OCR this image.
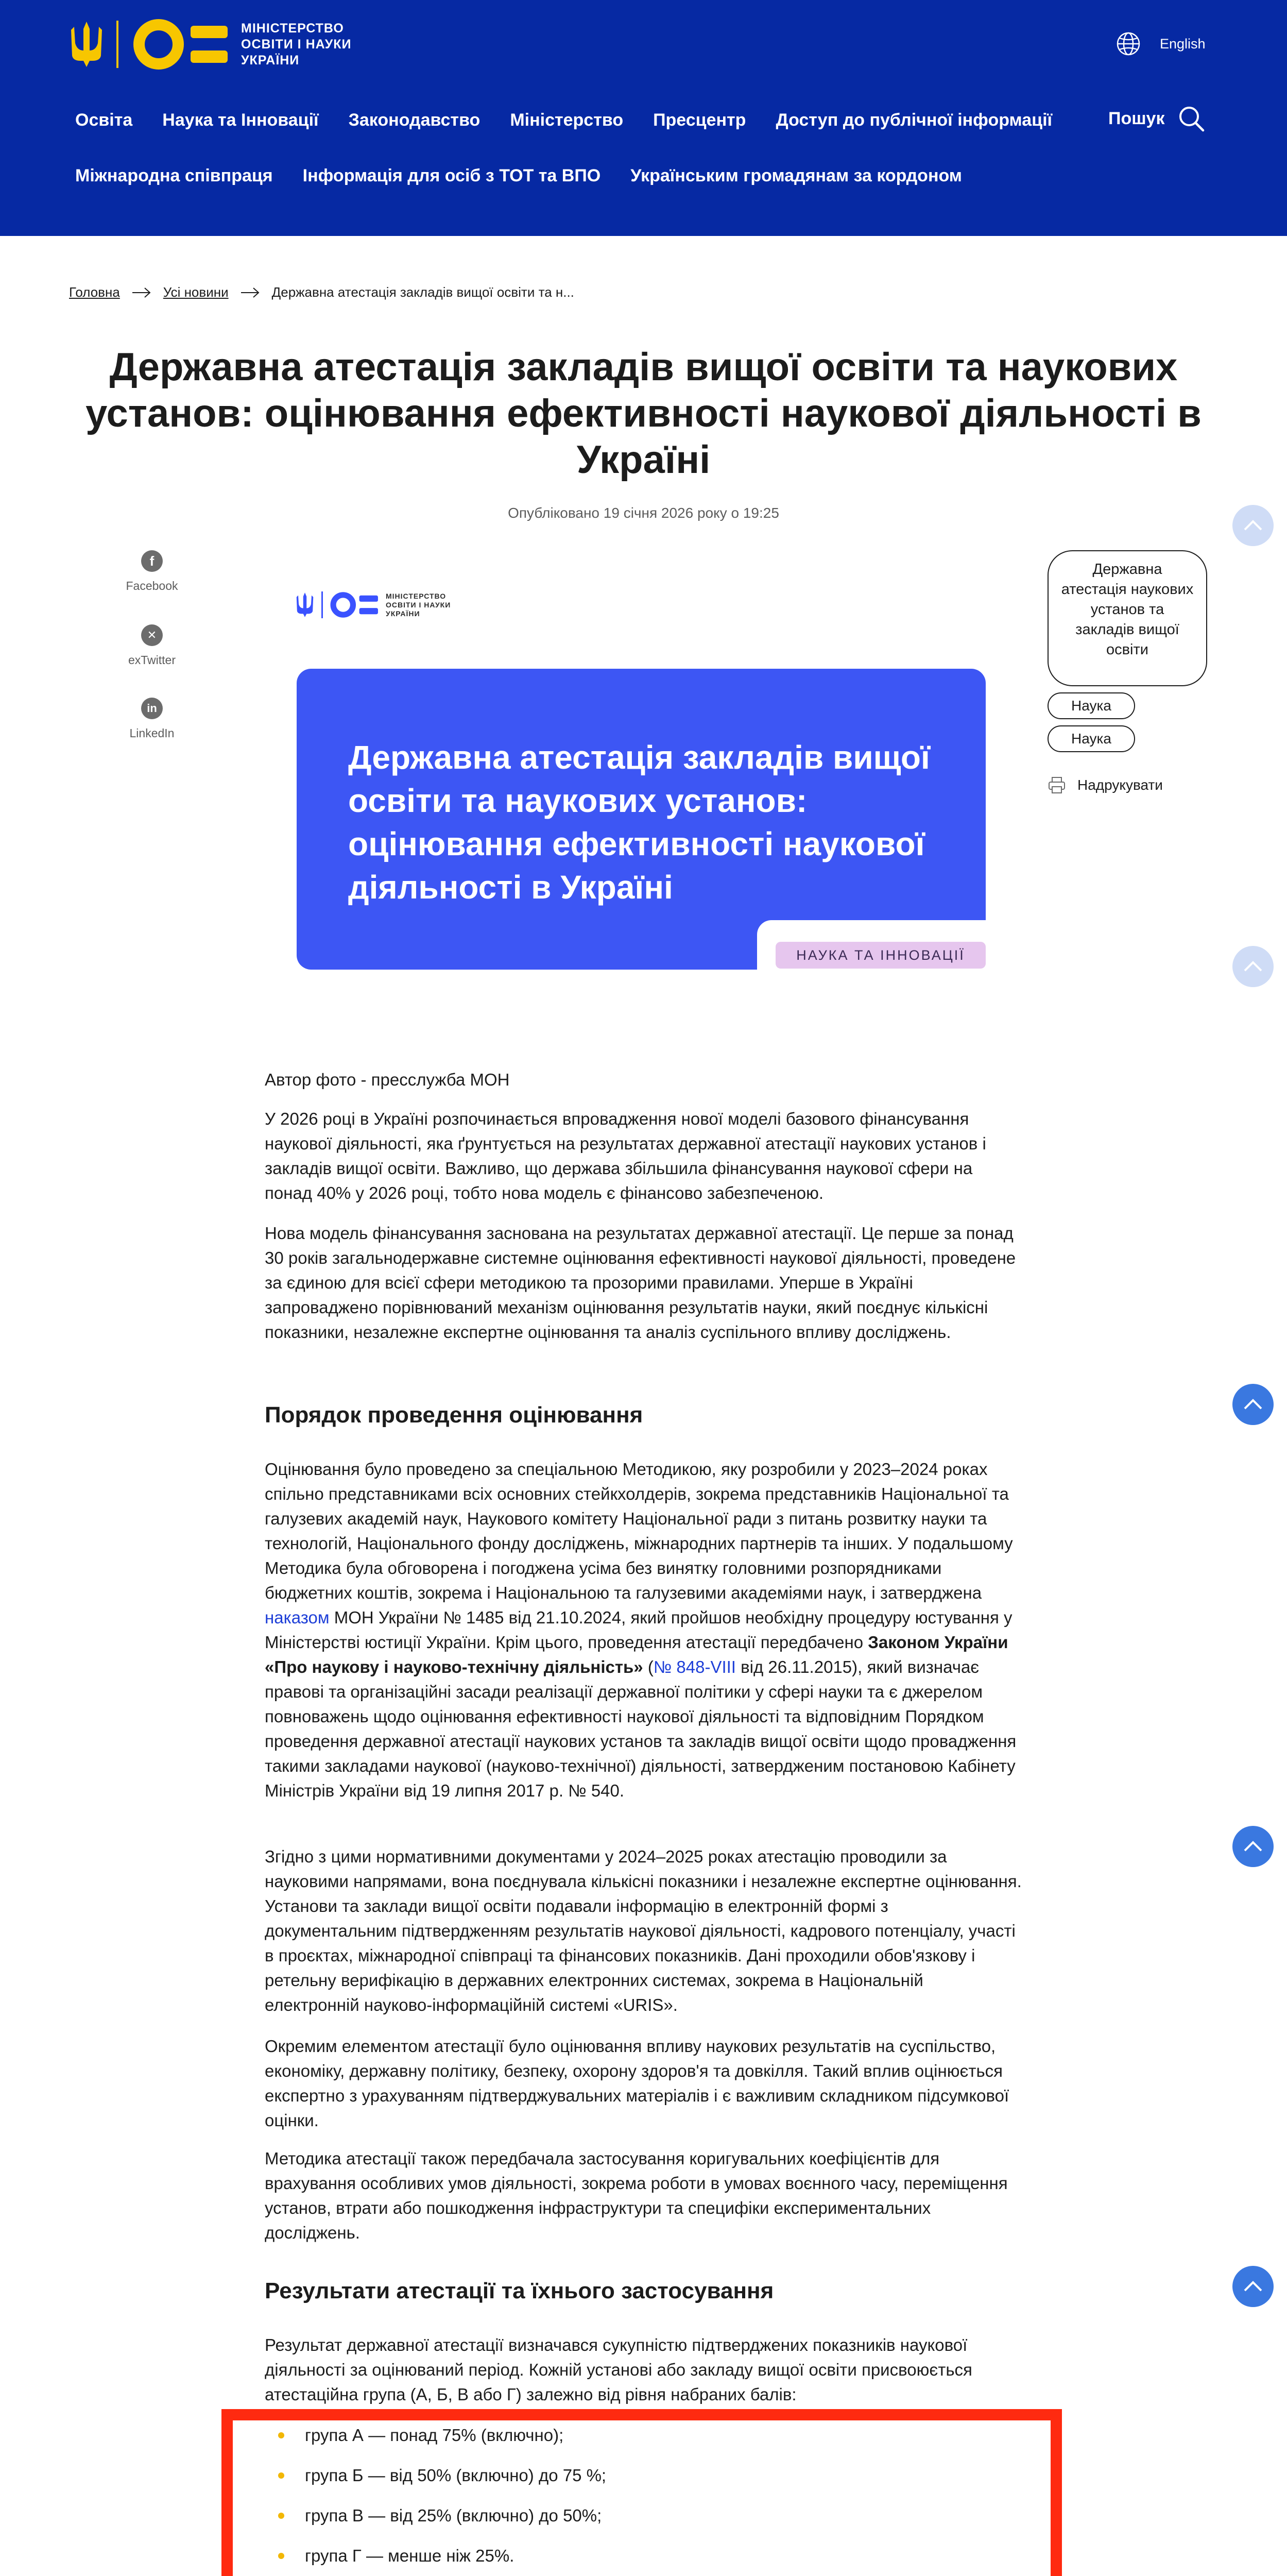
МІНІСТЕРСТВО
ОСВІТИ І НАУКИ
УКРАЇНИ
English
Освіта Наука та Інновації Законодавство Міністерство Пресцентр Доступ до публічної інформації
Міжнародна співпраця Інформація для осіб з ТОТ та ВПО Українським громадянам за кордоном
Пошук
Головна	Усі новини	Державна атестація закладів вищої освіти та н...
Державна атестація закладів вищої освіти та наукових установ: оцінювання ефективності наукової діяльності в Україні
Опубліковано 19 січня 2026 року о 19:25
f
Facebook
✕
exTwitter
in
LinkedIn
Державна атестація наукових установ та закладів вищої освіти
Наука
Наука
Надрукувати
МІНІСТЕРСТВО
ОСВІТИ І НАУКИ
УКРАЇНИ
Державна атестація закладів вищої освіти та наукових установ: оцінювання ефективності наукової діяльності в Україні
НАУКА ТА ІННОВАЦІЇ
Автор фото - пресслужба МОН
У 2026 році в Україні розпочинається впровадження нової моделі базового фінансування наукової діяльності, яка ґрунтується на результатах державної атестації наукових установ і закладів вищої освіти. Важливо, що держава збільшила фінансування наукової сфери на понад 40% у 2026 році, тобто нова модель є фінансово забезпеченою.
Нова модель фінансування заснована на результатах державної атестації. Це перше за понад 30 років загальнодержавне системне оцінювання ефективності наукової діяльності, проведене за єдиною для всієї сфери методикою та прозорими правилами. Уперше в Україні запроваджено порівнюваний механізм оцінювання результатів науки, який поєднує кількісні показники, незалежне експертне оцінювання та аналіз суспільного впливу досліджень.
Порядок проведення оцінювання
Оцінювання було проведено за спеціальною Методикою, яку розробили у 2023–2024 роках спільно представниками всіх основних стейкхолдерів, зокрема представників Національної та галузевих академій наук, Наукового комітету Національної ради з питань розвитку науки та технологій, Національного фонду досліджень, міжнародних партнерів та інших. У подальшому Методика була обговорена і погоджена усіма без винятку головними розпорядниками бюджетних коштів, зокрема і Національною та галузевими академіями наук, і затверджена наказом МОН України № 1485 від 21.10.2024, який пройшов необхідну процедуру юстування у Міністерстві юстиції України. Крім цього, проведення атестації передбачено Законом України «Про наукову і науково-технічну діяльність» (№ 848-VIII від 26.11.2015), який визначає правові та організаційні засади реалізації державної політики у сфері науки та є джерелом повноважень щодо оцінювання ефективності наукової діяльності та відповідним Порядком проведення державної атестації наукових установ та закладів вищої освіти щодо провадження такими закладами наукової (науково-технічної) діяльності, затвердженим постановою Кабінету Міністрів України від 19 липня 2017 р. № 540.
Згідно з цими нормативними документами у 2024–2025 роках атестацію проводили за науковими напрямами, вона поєднувала кількісні показники і незалежне експертне оцінювання. Установи та заклади вищої освіти подавали інформацію в електронній формі з документальним підтвердженням результатів наукової діяльності, кадрового потенціалу, участі в проєктах, міжнародної співпраці та фінансових показників. Дані проходили обов'язкову і ретельну верифікацію в державних електронних системах, зокрема в Національній електронній науково-інформаційній системі «URIS».
Окремим елементом атестації було оцінювання впливу наукових результатів на суспільство, економіку, державну політику, безпеку, охорону здоров'я та довкілля. Такий вплив оцінюється експертно з урахуванням підтверджувальних матеріалів і є важливим складником підсумкової оцінки.
Методика атестації також передбачала застосування коригувальних коефіцієнтів для врахування особливих умов діяльності, зокрема роботи в умовах воєнного часу, переміщення установ, втрати або пошкодження інфраструктури та специфіки експериментальних досліджень.
Результати атестації та їхнього застосування
Результат державної атестації визначався сукупністю підтверджених показників наукової діяльності за оцінюваний період. Кожній установі або закладу вищої освіти присвоюється атестаційна група (А, Б, В або Г) залежно від рівня набраних балів:
група А — понад 75% (включно);
група Б — від 50% (включно) до 75 %;
група В — від 25% (включно) до 50%;
група Г — менше ніж 25%.
